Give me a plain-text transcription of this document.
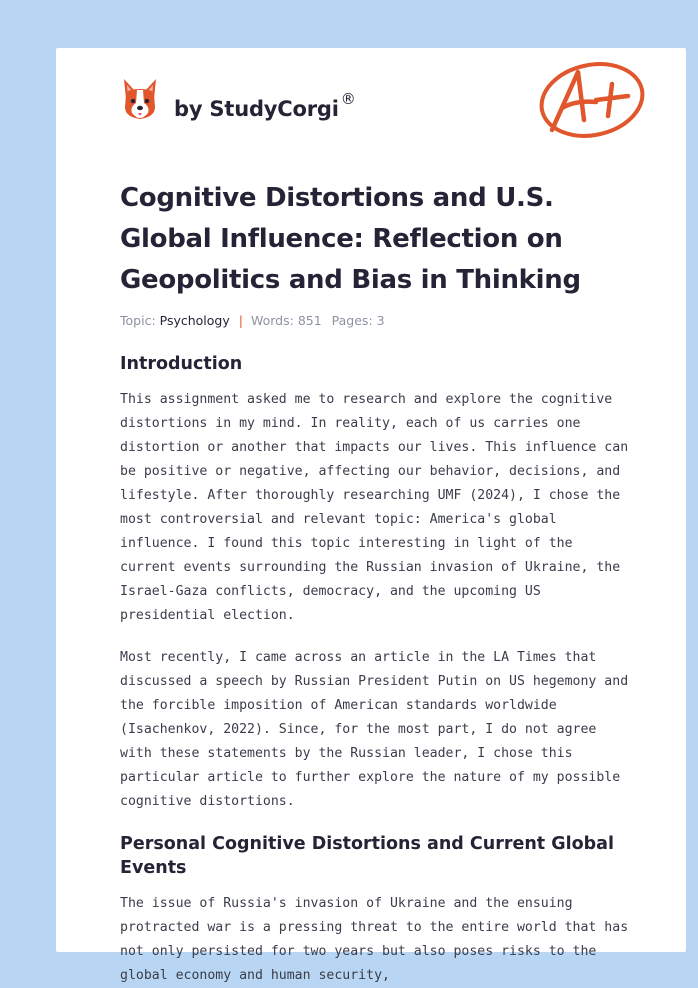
by StudyCorgi ®
Cognitive Distortions and U.S. Global Influence: Reflection on Geopolitics and Bias in Thinking
Topic: Psychology | Words: 851 Pages: 3
Introduction

This assignment asked me to research and explore the cognitive distortions in my mind. In reality, each of us carries one distortion or another that impacts our lives. This influence can be positive or negative, affecting our behavior, decisions, and lifestyle. After thoroughly researching UMF (2024), I chose the most controversial and relevant topic: America's global influence. I found this topic interesting in light of the current events surrounding the Russian invasion of Ukraine, the Israel-Gaza conflicts, democracy, and the upcoming US presidential election.

Most recently, I came across an article in the LA Times that discussed a speech by Russian President Putin on US hegemony and the forcible imposition of American standards worldwide (Isachenkov, 2022). Since, for the most part, I do not agree with these statements by the Russian leader, I chose this particular article to further explore the nature of my possible cognitive distortions.

Personal Cognitive Distortions and Current Global Events

The issue of Russia's invasion of Ukraine and the ensuing protracted war is a pressing threat to the entire world that has not only persisted for two years but also poses risks to the global economy and human security,
